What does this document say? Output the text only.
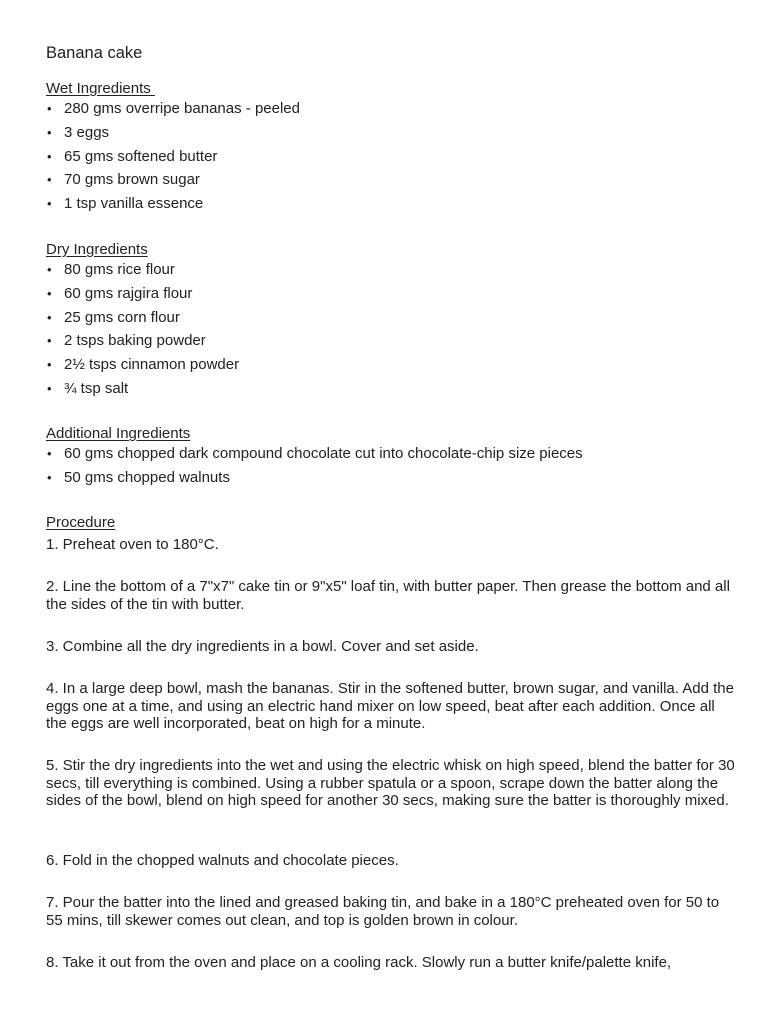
Banana cake
Wet Ingredients
• 280 gms overripe bananas - peeled
• 3 eggs
• 65 gms softened butter
• 70 gms brown sugar
• 1 tsp vanilla essence
Dry Ingredients
• 80 gms rice flour
• 60 gms rajgira flour
• 25 gms corn flour
• 2 tsps baking powder
• 2½ tsps cinnamon powder
• ¾ tsp salt
Additional Ingredients
• 60 gms chopped dark compound chocolate cut into chocolate-chip size pieces
• 50 gms chopped walnuts
Procedure
1. Preheat oven to 180°C.
2. Line the bottom of a 7"x7" cake tin or 9"x5" loaf tin, with butter paper. Then grease the bottom and all the sides of the tin with butter.
3. Combine all the dry ingredients in a bowl. Cover and set aside.
4. In a large deep bowl, mash the bananas. Stir in the softened butter, brown sugar, and vanilla. Add the eggs one at a time, and using an electric hand mixer on low speed, beat after each addition. Once all the eggs are well incorporated, beat on high for a minute.
5. Stir the dry ingredients into the wet and using the electric whisk on high speed, blend the batter for 30 secs, till everything is combined. Using a rubber spatula or a spoon, scrape down the batter along the sides of the bowl, blend on high speed for another 30 secs, making sure the batter is thoroughly mixed.
6. Fold in the chopped walnuts and chocolate pieces.
7. Pour the batter into the lined and greased baking tin, and bake in a 180°C preheated oven for 50 to 55 mins, till skewer comes out clean, and top is golden brown in colour.
8. Take it out from the oven and place on a cooling rack. Slowly run a butter knife/palette knife,
